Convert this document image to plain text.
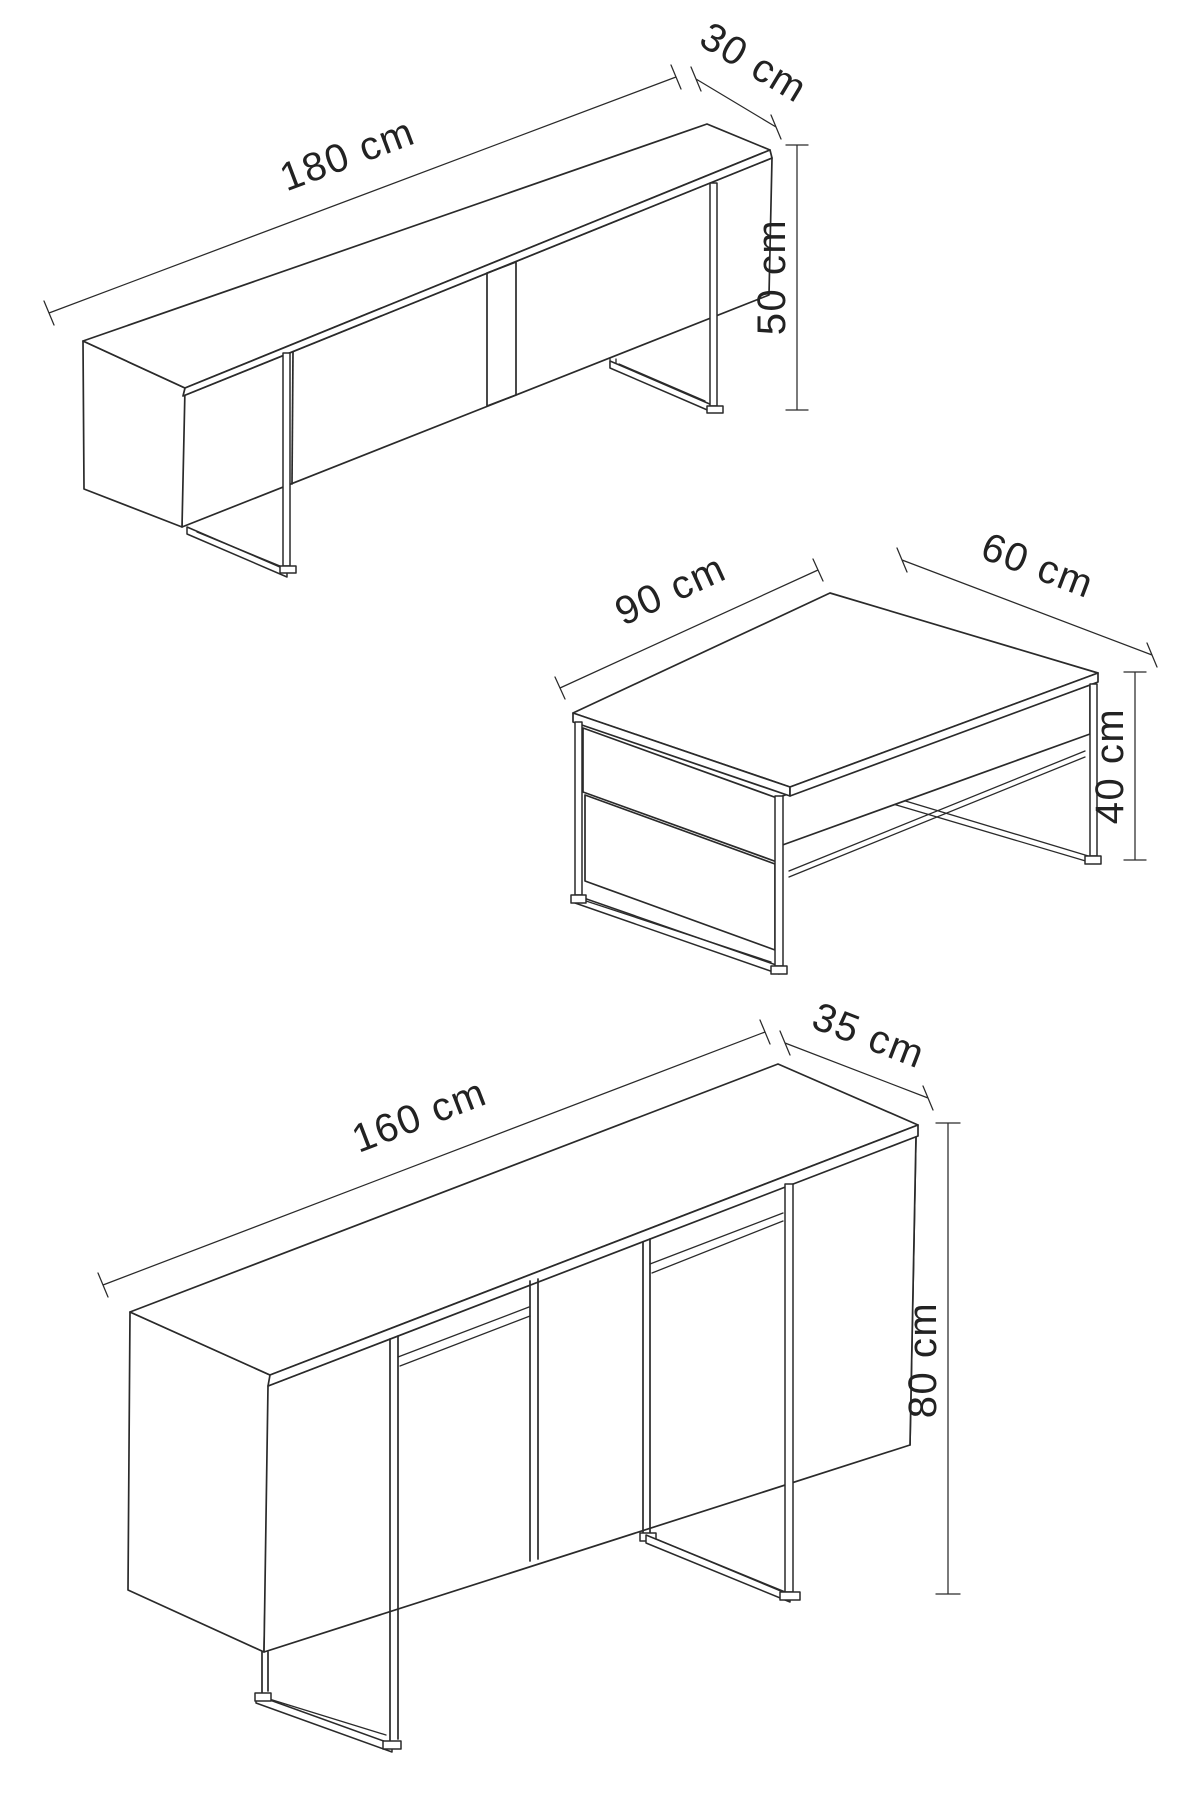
180 cm
30 cm
50 cm
90 cm	60 cm
40 cm
160 cm
35 cm
80 cm
